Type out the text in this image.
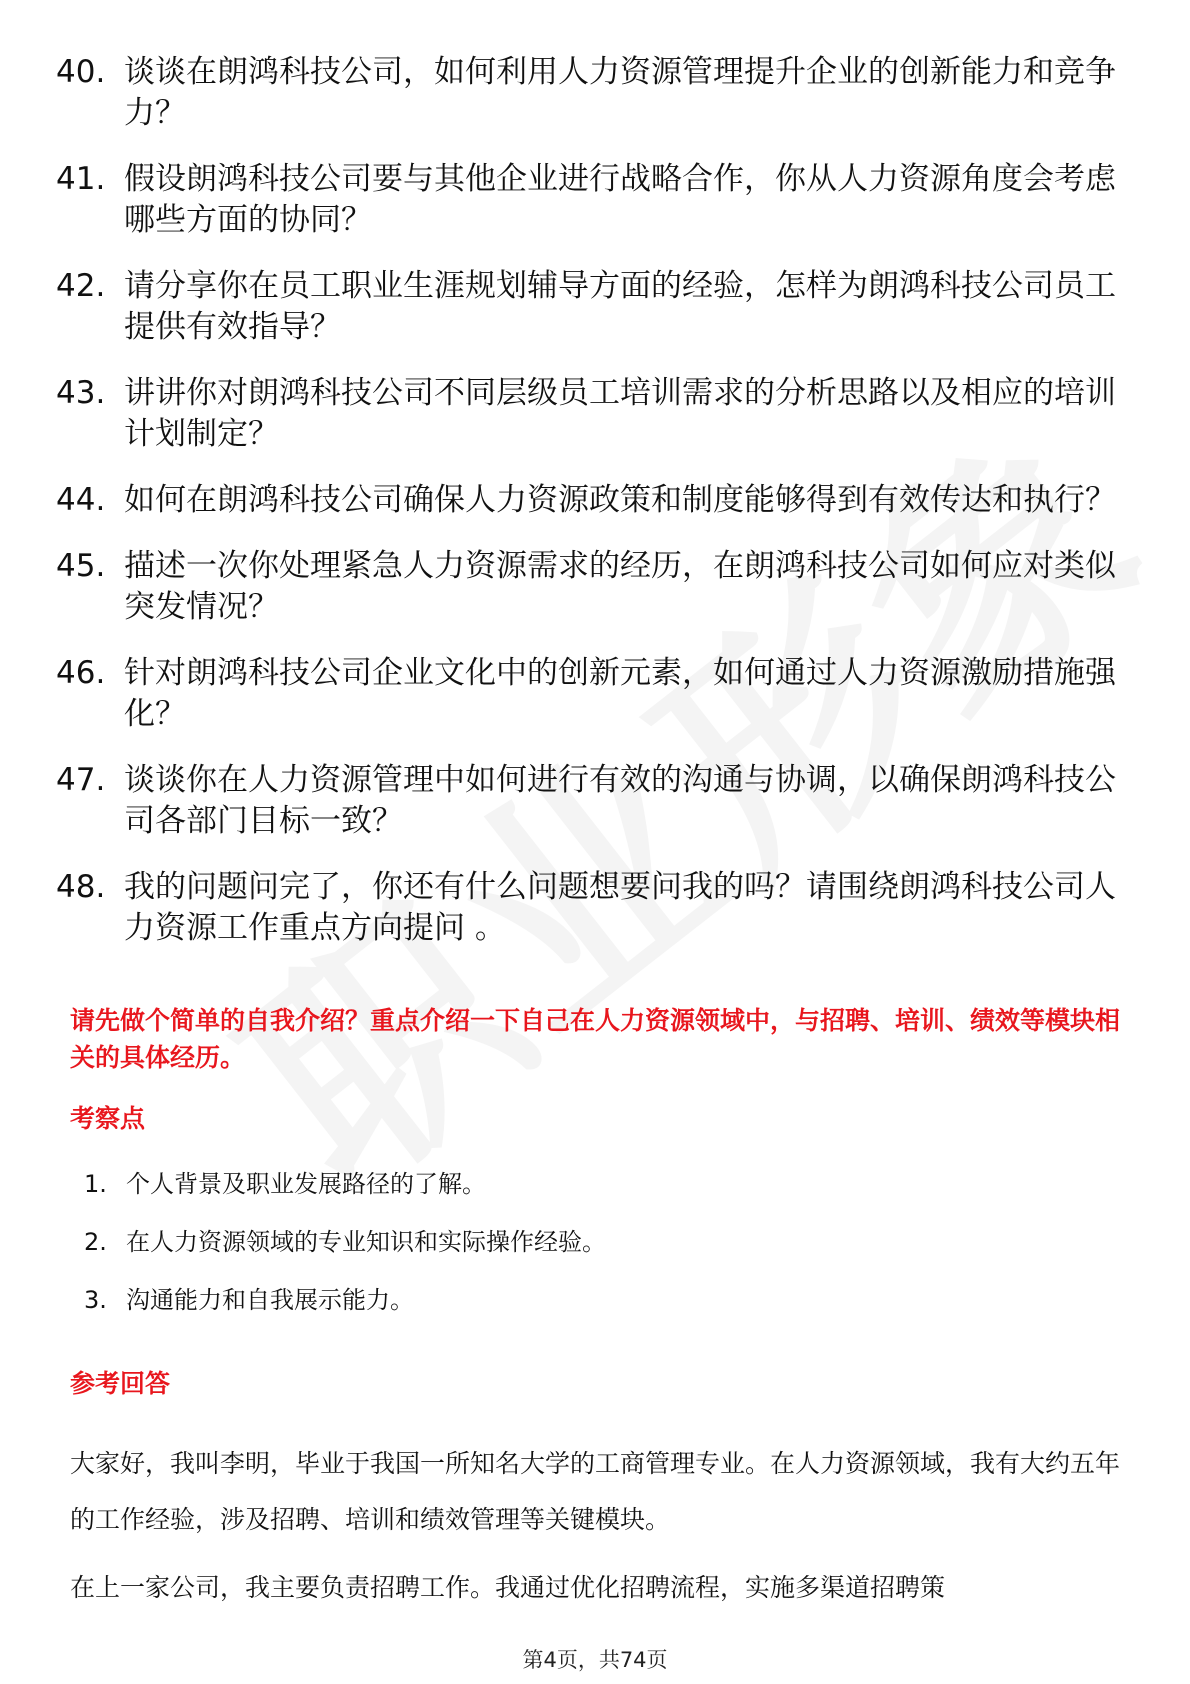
40. 谈谈在朗鸿科技公司，如何利用人力资源管理提升企业的创新能力和竞争力？
41. 假设朗鸿科技公司要与其他企业进行战略合作，你从人力资源角度会考虑哪些方面的协同？
42. 请分享你在员工职业生涯规划辅导方面的经验，怎样为朗鸿科技公司员工提供有效指导？
43. 讲讲你对朗鸿科技公司不同层级员工培训需求的分析思路以及相应的培训计划制定？
44. 如何在朗鸿科技公司确保人力资源政策和制度能够得到有效传达和执行？
45. 描述一次你处理紧急人力资源需求的经历，在朗鸿科技公司如何应对类似突发情况？
46. 针对朗鸿科技公司企业文化中的创新元素，如何通过人力资源激励措施强化？
47. 谈谈你在人力资源管理中如何进行有效的沟通与协调，以确保朗鸿科技公司各部门目标一致？
48. 我的问题问完了，你还有什么问题想要问我的吗？请围绕朗鸿科技公司人力资源工作重点方向提问 。
请先做个简单的自我介绍？重点介绍一下自己在人力资源领域中，与招聘、培训、绩效等模块相关的具体经历。
考察点
1. 个人背景及职业发展路径的了解。
2. 在人力资源领域的专业知识和实际操作经验。
3. 沟通能力和自我展示能力。
参考回答
大家好，我叫李明，毕业于我国一所知名大学的工商管理专业。在人力资源领域，我有大约五年的工作经验，涉及招聘、培训和绩效管理等关键模块。
在上一家公司，我主要负责招聘工作。我通过优化招聘流程，实施多渠道招聘策
第4页，共74页
